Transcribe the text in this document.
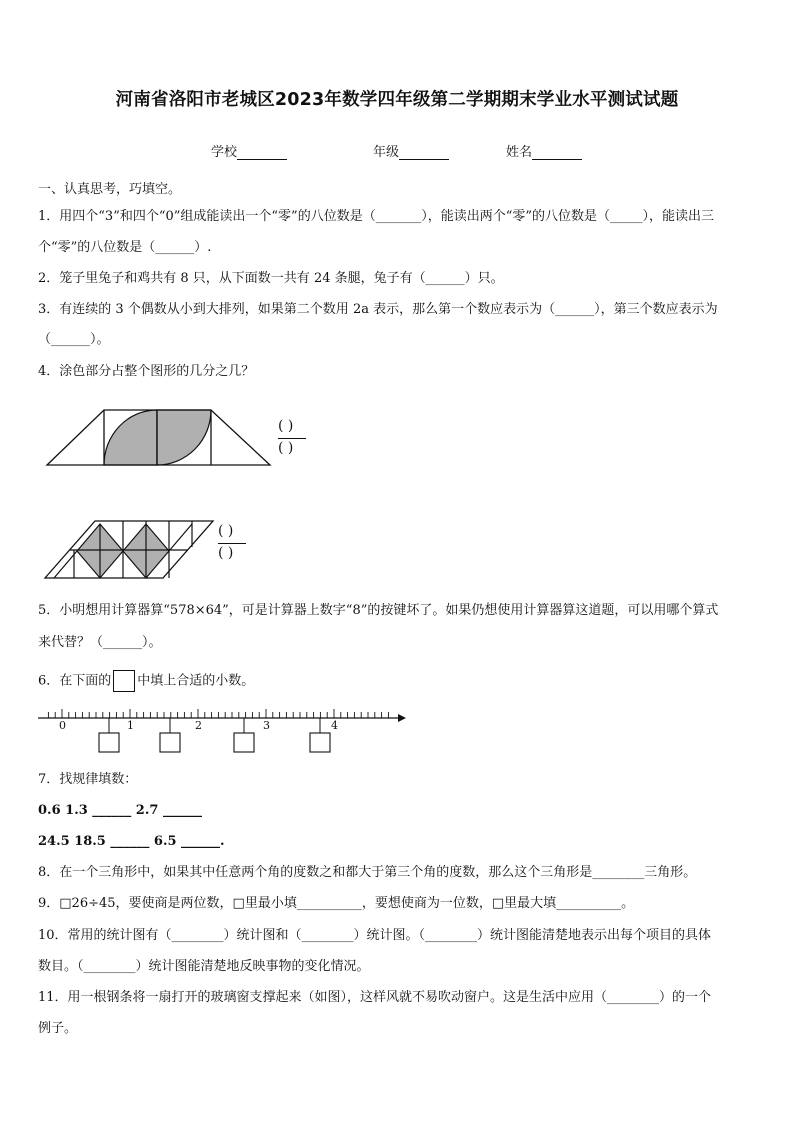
河南省洛阳市老城区2023年数学四年级第二学期期末学业水平测试试题
学校	年级	姓名
一、认真思考，巧填空。
1．用四个“3”和四个“0”组成能读出一个“零”的八位数是（_______），能读出两个“零”的八位数是（_____），能读出三
个“零”的八位数是（______）.
2．笼子里兔子和鸡共有 8 只，从下面数一共有 24 条腿，兔子有（______）只。
3．有连续的 3 个偶数从小到大排列，如果第二个数用 2a 表示，那么第一个数应表示为（______），第三个数应表示为
（______）。
4．涂色部分占整个图形的几分之几？
( )
( )
( )
( )
5．小明想用计算器算“578×64”，可是计算器上数字“8”的按键坏了。如果仍想使用计算器算这道题，可以用哪个算式
来代替？（______）。
6．在下面的 中填上合适的小数。
0	1	2	3	4
7．找规律填数：
0.6 1.3 ______ 2.7 ______
24.5 18.5 ______ 6.5 ______.
8．在一个三角形中，如果其中任意两个角的度数之和都大于第三个角的度数，那么这个三角形是________三角形。
9．□26÷45，要使商是两位数，□里最小填__________，要想使商为一位数，□里最大填__________。
10．常用的统计图有（________）统计图和（________）统计图。（________）统计图能清楚地表示出每个项目的具体
数目。（________）统计图能清楚地反映事物的变化情况。
11．用一根钢条将一扇打开的玻璃窗支撑起来（如图），这样风就不易吹动窗户。这是生活中应用（________）的一个
例子。
